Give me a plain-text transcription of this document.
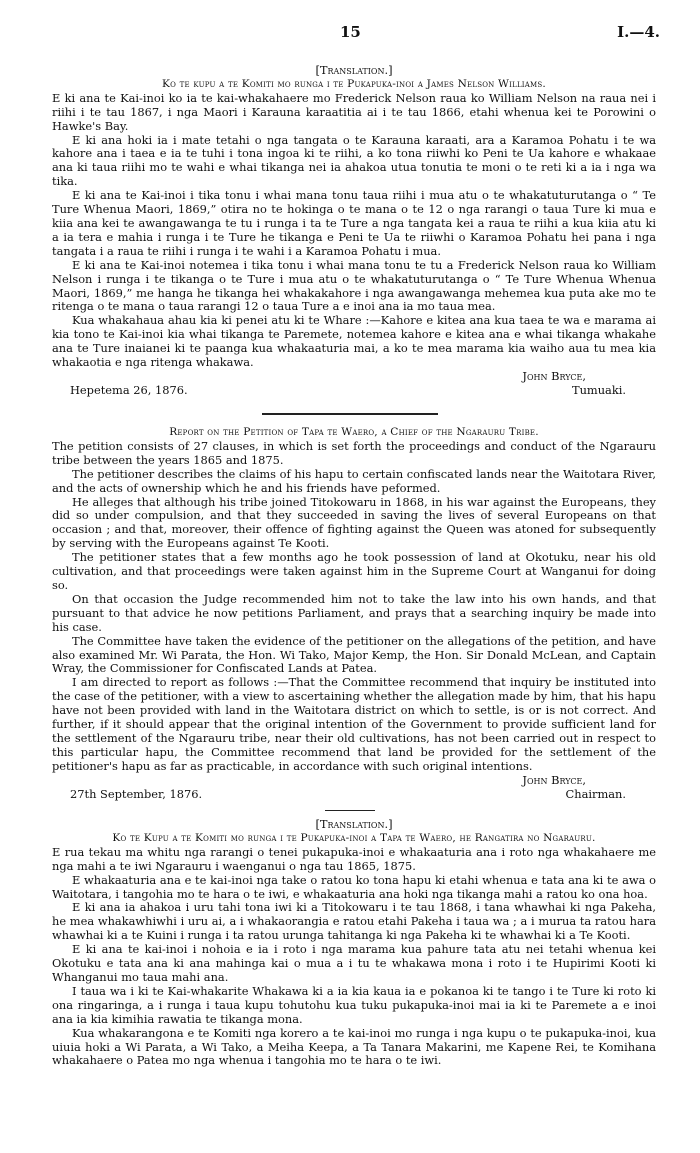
15	I.—4.
[Translation.]
Ko te kupu a te Komiti mo runga i te Pukapuka-inoi a James Nelson Williams.

E ki ana te Kai-inoi ko ia te kai-whakahaere mo Frederick Nelson raua ko William Nelson na raua nei i riihi i te tau 1867, i nga Maori i Karauna karaatitia ai i te tau 1866, etahi whenua kei te Porowini o Hawke's Bay.

E ki ana hoki ia i mate tetahi o nga tangata o te Karauna karaati, ara a Karamoa Pohatu i te wa kahore ana i taea e ia te tuhi i tona ingoa ki te riihi, a ko tona riiwhi ko Peni te Ua kahore e whakaae ana ki taua riihi mo te wahi e whai tikanga nei ia ahakoa utua tonutia te moni o te reti ki a ia i nga wa tika.

E ki ana te Kai-inoi i tika tonu i whai mana tonu taua riihi i mua atu o te whakatuturutanga o “ Te Ture Whenua Maori, 1869,” otira no te hokinga o te mana o te 12 o nga rarangi o taua Ture ki mua e kiia ana kei te awangawanga te tu i runga i ta te Ture a nga tangata kei a raua te riihi a kua kiia atu ki a ia tera e mahia i runga i te Ture he tikanga e Peni te Ua te riiwhi o Karamoa Pohatu hei pana i nga tangata i a raua te riihi i runga i te wahi i a Karamoa Pohatu i mua.

E ki ana te Kai-inoi notemea i tika tonu i whai mana tonu te tu a Frederick Nelson raua ko William Nelson i runga i te tikanga o te Ture i mua atu o te whakatuturutanga o “ Te Ture Whenua Whenua Maori, 1869,” me hanga he tikanga hei whakakahore i nga awangawanga mehemea kua puta ake mo te ritenga o te mana o taua rarangi 12 o taua Ture a e inoi ana ia mo taua mea.

Kua whakahaua ahau kia ki penei atu ki te Whare :—Kahore e kitea ana kua taea te wa e marama ai kia tono te Kai-inoi kia whai tikanga te Paremete, notemea kahore e kitea ana e whai tikanga whakahe ana te Ture inaianei ki te paanga kua whakaaturia mai, a ko te mea marama kia waiho aua tu mea kia whakaotia e nga ritenga whakawa.

John Bryce,
Hepetema 26, 1876.	Tumuaki.
Report on the Petition of Tapa te Waero, a Chief of the Ngarauru Tribe.

The petition consists of 27 clauses, in which is set forth the proceedings and conduct of the Ngarauru tribe between the years 1865 and 1875.

The petitioner describes the claims of his hapu to certain confiscated lands near the Waitotara River, and the acts of ownership which he and his friends have peformed.

He alleges that although his tribe joined Titokowaru in 1868, in his war against the Europeans, they did so under compulsion, and that they succeeded in saving the lives of several Europeans on that occasion ; and that, moreover, their offence of fighting against the Queen was atoned for subsequently by serving with the Europeans against Te Kooti.

The petitioner states that a few months ago he took possession of land at Okotuku, near his old cultivation, and that proceedings were taken against him in the Supreme Court at Wanganui for doing so.

On that occasion the Judge recommended him not to take the law into his own hands, and that pursuant to that advice he now petitions Parliament, and prays that a searching inquiry be made into his case.

The Committee have taken the evidence of the petitioner on the allegations of the petition, and have also examined Mr. Wi Parata, the Hon. Wi Tako, Major Kemp, the Hon. Sir Donald McLean, and Captain Wray, the Commissioner for Confiscated Lands at Patea.

I am directed to report as follows :—That the Committee recommend that inquiry be instituted into the case of the petitioner, with a view to ascertaining whether the allegation made by him, that his hapu have not been provided with land in the Waitotara district on which to settle, is or is not correct. And further, if it should appear that the original intention of the Government to provide sufficient land for the settlement of the Ngarauru tribe, near their old cultivations, has not been carried out in respect to this particular hapu, the Committee recommend that land be provided for the settlement of the petitioner's hapu as far as practicable, in accordance with such original intentions.

John Bryce,
27th September, 1876.	Chairman.
[Translation.]
Ko te Kupu a te Komiti mo runga i te Pukapuka-inoi a Tapa te Waero, he Rangatira no Ngarauru.

E rua tekau ma whitu nga rarangi o tenei pukapuka-inoi e whakaaturia ana i roto nga whakahaere me nga mahi a te iwi Ngarauru i waenganui o nga tau 1865, 1875.

E whakaaturia ana e te kai-inoi nga take o ratou ko tona hapu ki etahi whenua e tata ana ki te awa o Waitotara, i tangohia mo te hara o te iwi, e whakaaturia ana hoki nga tikanga mahi a ratou ko ona hoa.

E ki ana ia ahakoa i uru tahi tona iwi ki a Titokowaru i te tau 1868, i tana whawhai ki nga Pakeha, he mea whakawhiwhi i uru ai, a i whakaorangia e ratou etahi Pakeha i taua wa ; a i murua ta ratou hara whawhai ki a te Kuini i runga i ta ratou urunga tahitanga ki nga Pakeha ki te whawhai ki a Te Kooti.

E ki ana te kai-inoi i nohoia e ia i roto i nga marama kua pahure tata atu nei tetahi whenua kei Okotuku e tata ana ki ana mahinga kai o mua a i tu te whakawa mona i roto i te Hupirimi Kooti ki Whanganui mo taua mahi ana.

I taua wa i ki te Kai-whakarite Whakawa ki a ia kia kaua ia e pokanoa ki te tango i te Ture ki roto ki ona ringaringa, a i runga i taua kupu tohutohu kua tuku pukapuka-inoi mai ia ki te Paremete a e inoi ana ia kia kimihia rawatia te tikanga mona.

Kua whakarangona e te Komiti nga korero a te kai-inoi mo runga i nga kupu o te pukapuka-inoi, kua uiuia hoki a Wi Parata, a Wi Tako, a Meiha Keepa, a Ta Tanara Makarini, me Kapene Rei, te Komihana whakahaere o Patea mo nga whenua i tangohia mo te hara o te iwi.
